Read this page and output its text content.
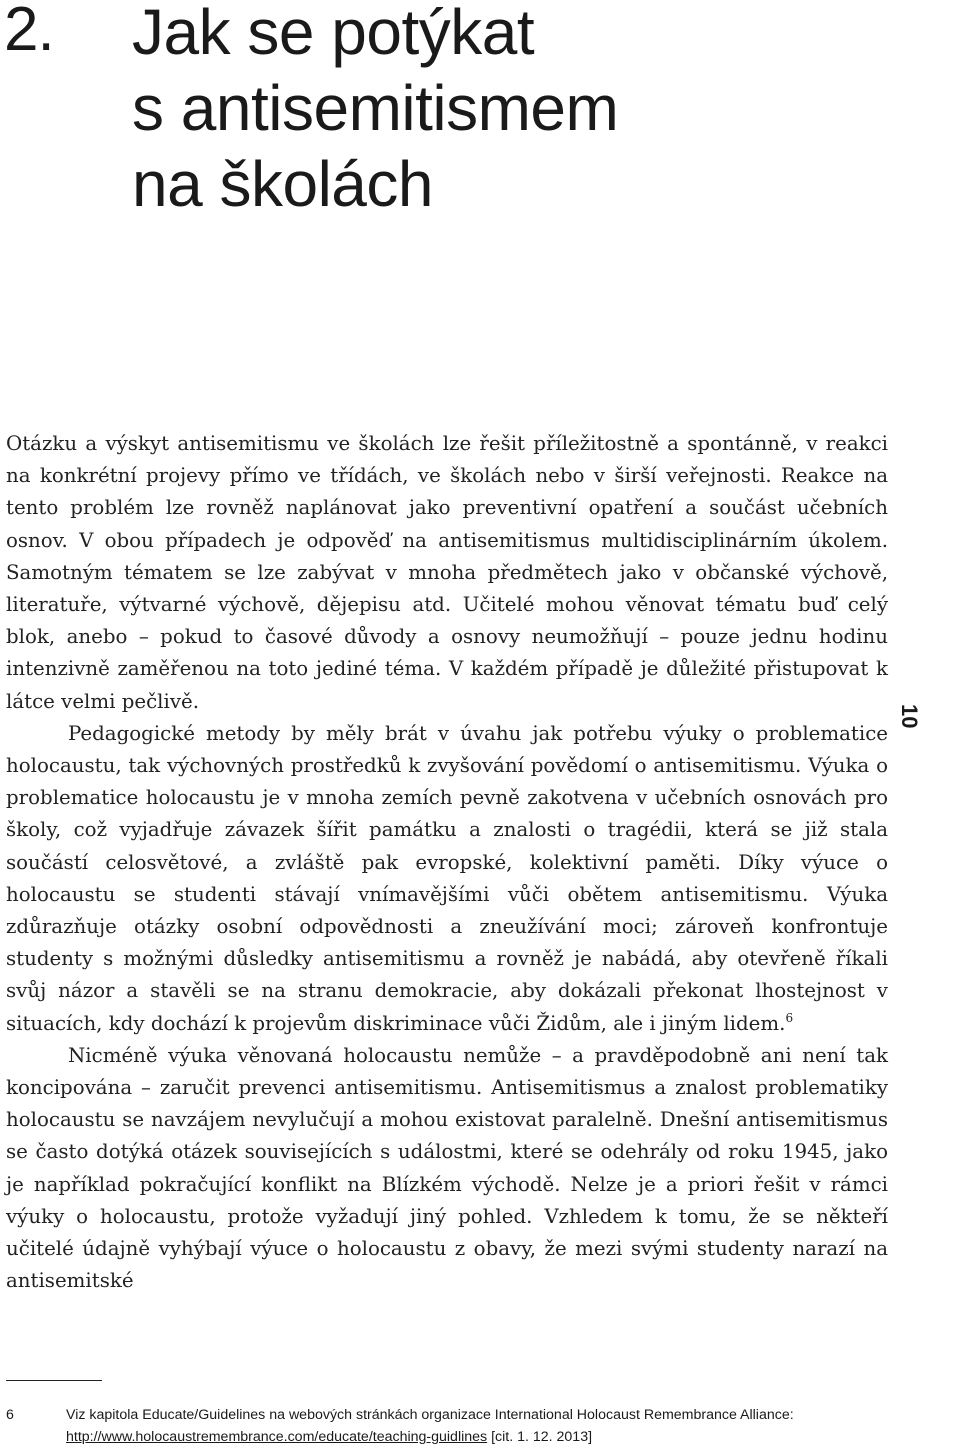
2. Jak se potýkat
s antisemitismem
na školách

Otázku a výskyt antisemitismu ve školách lze řešit příležitostně a spontánně, v reakci na konkrétní projevy přímo ve třídách, ve školách nebo v širší veřejnosti. Reakce na tento problém lze rovněž naplánovat jako preventivní opatření a součást učebních osnov. V obou případech je odpověď na antisemitismus multidisciplinárním úkolem. Samotným tématem se lze zabývat v mnoha předmětech jako v občanské výchově, literatuře, výtvarné výchově, dějepisu atd. Učitelé mohou věnovat tématu buď celý blok, anebo – pokud to časové důvody a osnovy neumožňují – pouze jednu hodinu intenzivně zaměřenou na toto jediné téma. V každém případě je důležité přistupovat k látce velmi pečlivě.

Pedagogické metody by měly brát v úvahu jak potřebu výuky o problematice holocaustu, tak výchovných prostředků k zvyšování povědomí o antisemitismu. Výuka o problematice holocaustu je v mnoha zemích pevně zakotvena v učebních osnovách pro školy, což vyjadřuje závazek šířit památku a znalosti o tragédii, která se již stala součástí celosvětové, a zvláště pak evropské, kolektivní paměti. Díky výuce o holocaustu se studenti stávají vnímavějšími vůči obětem antisemitismu. Výuka zdůrazňuje otázky osobní odpovědnosti a zneužívání moci; zároveň konfrontuje studenty s možnými důsledky antisemitismu a rovněž je nabádá, aby otevřeně říkali svůj názor a stavěli se na stranu demokracie, aby dokázali překonat lhostejnost v situacích, kdy dochází k projevům diskriminace vůči Židům, ale i jiným lidem.$^6$

Nicméně výuka věnovaná holocaustu nemůže – a pravděpodobně ani není tak koncipována – zaručit prevenci antisemitismu. Antisemitismus a znalost problematiky holocaustu se navzájem nevylučují a mohou existovat paralelně. Dnešní antisemitismus se často dotýká otázek souvisejících s událostmi, které se odehrály od roku 1945, jako je například pokračující konflikt na Blízkém východě. Nelze je a priori řešit v rámci výuky o holocaustu, protože vyžadují jiný pohled. Vzhledem k tomu, že se někteří učitelé údajně vyhýbají výuce o holocaustu z obavy, že mezi svými studenty narazí na antisemitské

10
6	Viz kapitola Educate/Guidelines na webových stránkách organizace International Holocaust Remembrance Alliance: http://www.holocaustremembrance.com/educate/teaching-guidlines [cit. 1. 12. 2013]
